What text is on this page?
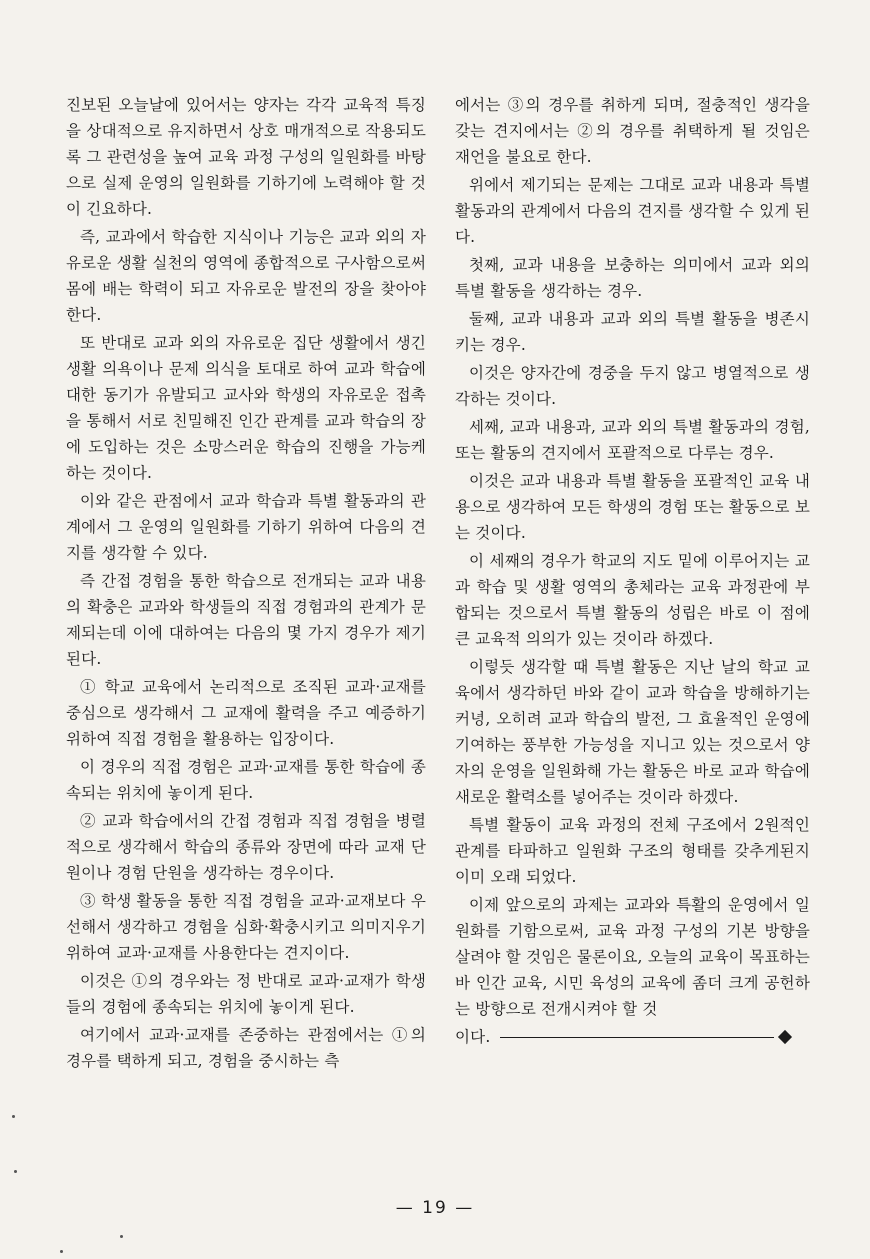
진보된 오늘날에 있어서는 양자는 각각 교육적 특징을 상대적으로 유지하면서 상호 매개적으로 작용되도록 그 관련성을 높여 교육 과정 구성의 일원화를 바탕으로 실제 운영의 일원화를 기하기에 노력해야 할 것이 긴요하다.

즉, 교과에서 학습한 지식이나 기능은 교과 외의 자유로운 생활 실천의 영역에 종합적으로 구사함으로써 몸에 배는 학력이 되고 자유로운 발전의 장을 찾아야 한다.

또 반대로 교과 외의 자유로운 집단 생활에서 생긴 생활 의욕이나 문제 의식을 토대로 하여 교과 학습에 대한 동기가 유발되고 교사와 학생의 자유로운 접촉을 통해서 서로 친밀해진 인간 관계를 교과 학습의 장에 도입하는 것은 소망스러운 학습의 진행을 가능케 하는 것이다.

이와 같은 관점에서 교과 학습과 특별 활동과의 관계에서 그 운영의 일원화를 기하기 위하여 다음의 견지를 생각할 수 있다.

즉 간접 경험을 통한 학습으로 전개되는 교과 내용의 확충은 교과와 학생들의 직접 경험과의 관계가 문제되는데 이에 대하여는 다음의 몇 가지 경우가 제기된다.

① 학교 교육에서 논리적으로 조직된 교과·교재를 중심으로 생각해서 그 교재에 활력을 주고 예증하기 위하여 직접 경험을 활용하는 입장이다.

이 경우의 직접 경험은 교과·교재를 통한 학습에 종속되는 위치에 놓이게 된다.

② 교과 학습에서의 간접 경험과 직접 경험을 병렬적으로 생각해서 학습의 종류와 장면에 따라 교재 단원이나 경험 단원을 생각하는 경우이다.

③ 학생 활동을 통한 직접 경험을 교과·교재보다 우선해서 생각하고 경험을 심화·확충시키고 의미지우기 위하여 교과·교재를 사용한다는 견지이다.

이것은 ①의 경우와는 정 반대로 교과·교재가 학생들의 경험에 종속되는 위치에 놓이게 된다.

여기에서 교과·교재를 존중하는 관점에서는 ①의 경우를 택하게 되고, 경험을 중시하는 측

에서는 ③의 경우를 취하게 되며, 절충적인 생각을 갖는 견지에서는 ②의 경우를 취택하게 될 것임은 재언을 불요로 한다.

위에서 제기되는 문제는 그대로 교과 내용과 특별 활동과의 관계에서 다음의 견지를 생각할 수 있게 된다.

첫째, 교과 내용을 보충하는 의미에서 교과 외의 특별 활동을 생각하는 경우.

둘째, 교과 내용과 교과 외의 특별 활동을 병존시키는 경우.

이것은 양자간에 경중을 두지 않고 병열적으로 생각하는 것이다.

세째, 교과 내용과, 교과 외의 특별 활동과의 경험, 또는 활동의 견지에서 포괄적으로 다루는 경우.

이것은 교과 내용과 특별 활동을 포괄적인 교육 내용으로 생각하여 모든 학생의 경험 또는 활동으로 보는 것이다.

이 세째의 경우가 학교의 지도 밑에 이루어지는 교과 학습 및 생활 영역의 총체라는 교육 과정관에 부합되는 것으로서 특별 활동의 성립은 바로 이 점에 큰 교육적 의의가 있는 것이라 하겠다.

이렇듯 생각할 때 특별 활동은 지난 날의 학교 교육에서 생각하던 바와 같이 교과 학습을 방해하기는커녕, 오히려 교과 학습의 발전, 그 효율적인 운영에 기여하는 풍부한 가능성을 지니고 있는 것으로서 양자의 운영을 일원화해 가는 활동은 바로 교과 학습에 새로운 활력소를 넣어주는 것이라 하겠다.

특별 활동이 교육 과정의 전체 구조에서 2원적인 관계를 타파하고 일원화 구조의 형태를 갖추게된지 이미 오래 되었다.

이제 앞으로의 과제는 교과와 특활의 운영에서 일원화를 기함으로써, 교육 과정 구성의 기본 방향을 살려야 할 것임은 물론이요, 오늘의 교육이 목표하는바 인간 교육, 시민 육성의 교육에 좀더 크게 공헌하는 방향으로 전개시켜야 할 것

이다.
— 19 —
